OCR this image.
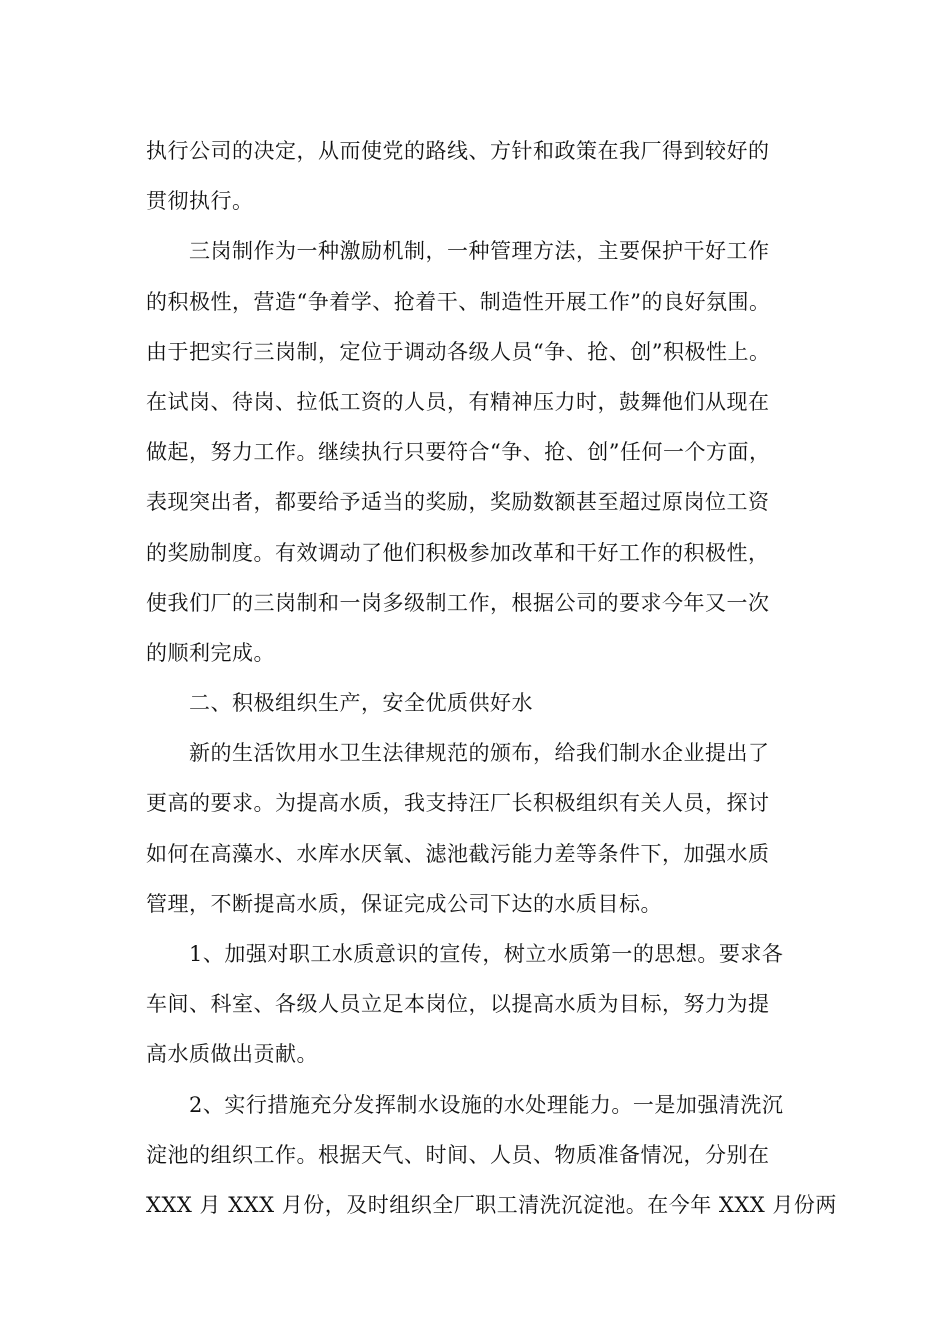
执行公司的决定，从而使党的路线、方针和政策在我厂得到较好的
贯彻执行。
三岗制作为一种激励机制，一种管理方法，主要保护干好工作
的积极性，营造“争着学、抢着干、制造性开展工作”的良好氛围。
由于把实行三岗制，定位于调动各级人员“争、抢、创”积极性上。
在试岗、待岗、拉低工资的人员，有精神压力时，鼓舞他们从现在
做起，努力工作。继续执行只要符合“争、抢、创”任何一个方面，
表现突出者，都要给予适当的奖励，奖励数额甚至超过原岗位工资
的奖励制度。有效调动了他们积极参加改革和干好工作的积极性，
使我们厂的三岗制和一岗多级制工作，根据公司的要求今年又一次
的顺利完成。
二、积极组织生产，安全优质供好水
新的生活饮用水卫生法律规范的颁布，给我们制水企业提出了
更高的要求。为提高水质，我支持汪厂长积极组织有关人员，探讨
如何在高藻水、水库水厌氧、滤池截污能力差等条件下，加强水质
管理，不断提高水质，保证完成公司下达的水质目标。
1、加强对职工水质意识的宣传，树立水质第一的思想。要求各
车间、科室、各级人员立足本岗位，以提高水质为目标，努力为提
高水质做出贡献。
2、实行措施充分发挥制水设施的水处理能力。一是加强清洗沉
淀池的组织工作。根据天气、时间、人员、物质准备情况，分别在
XXX 月 XXX 月份，及时组织全厂职工清洗沉淀池。在今年 XXX 月份两
